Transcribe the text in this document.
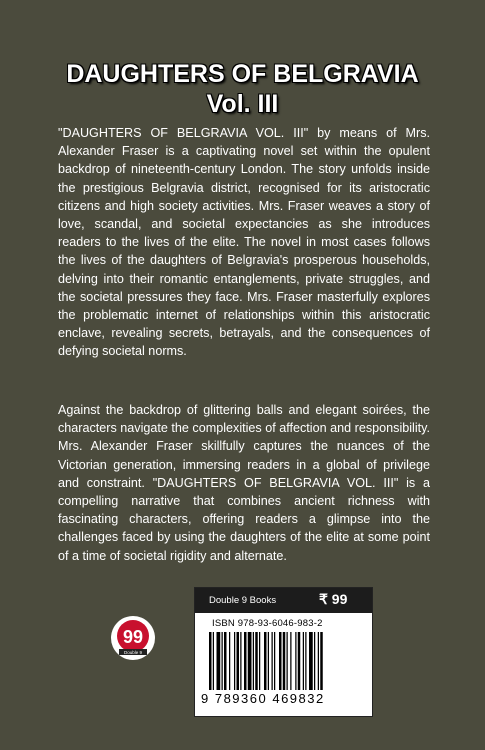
DAUGHTERS OF BELGRAVIA
Vol. III
"DAUGHTERS OF BELGRAVIA VOL. III" by means of Mrs. Alexander Fraser is a captivating novel set within the opulent backdrop of nineteenth-century London. The story unfolds inside the prestigious Belgravia district, recognised for its aristocratic citizens and high society activities. Mrs. Fraser weaves a story of love, scandal, and societal expectancies as she introduces readers to the lives of the elite. The novel in most cases follows the lives of the daughters of Belgravia's prosperous households, delving into their romantic entanglements, private struggles, and the societal pressures they face. Mrs. Fraser masterfully explores the problematic internet of relationships within this aristocratic enclave, revealing secrets, betrayals, and the consequences of defying societal norms.
Against the backdrop of glittering balls and elegant soirées, the characters navigate the complexities of affection and responsibility. Mrs. Alexander Fraser skillfully captures the nuances of the Victorian generation, immersing readers in a global of privilege and constraint. "DAUGHTERS OF BELGRAVIA VOL. III" is a compelling narrative that combines ancient richness with fascinating characters, offering readers a glimpse into the challenges faced by using the daughters of the elite at some point of a time of societal rigidity and alternate.
99
Double 9
Double 9 Books	₹ 99
ISBN 978-93-6046-983-2
9 789360 469832
